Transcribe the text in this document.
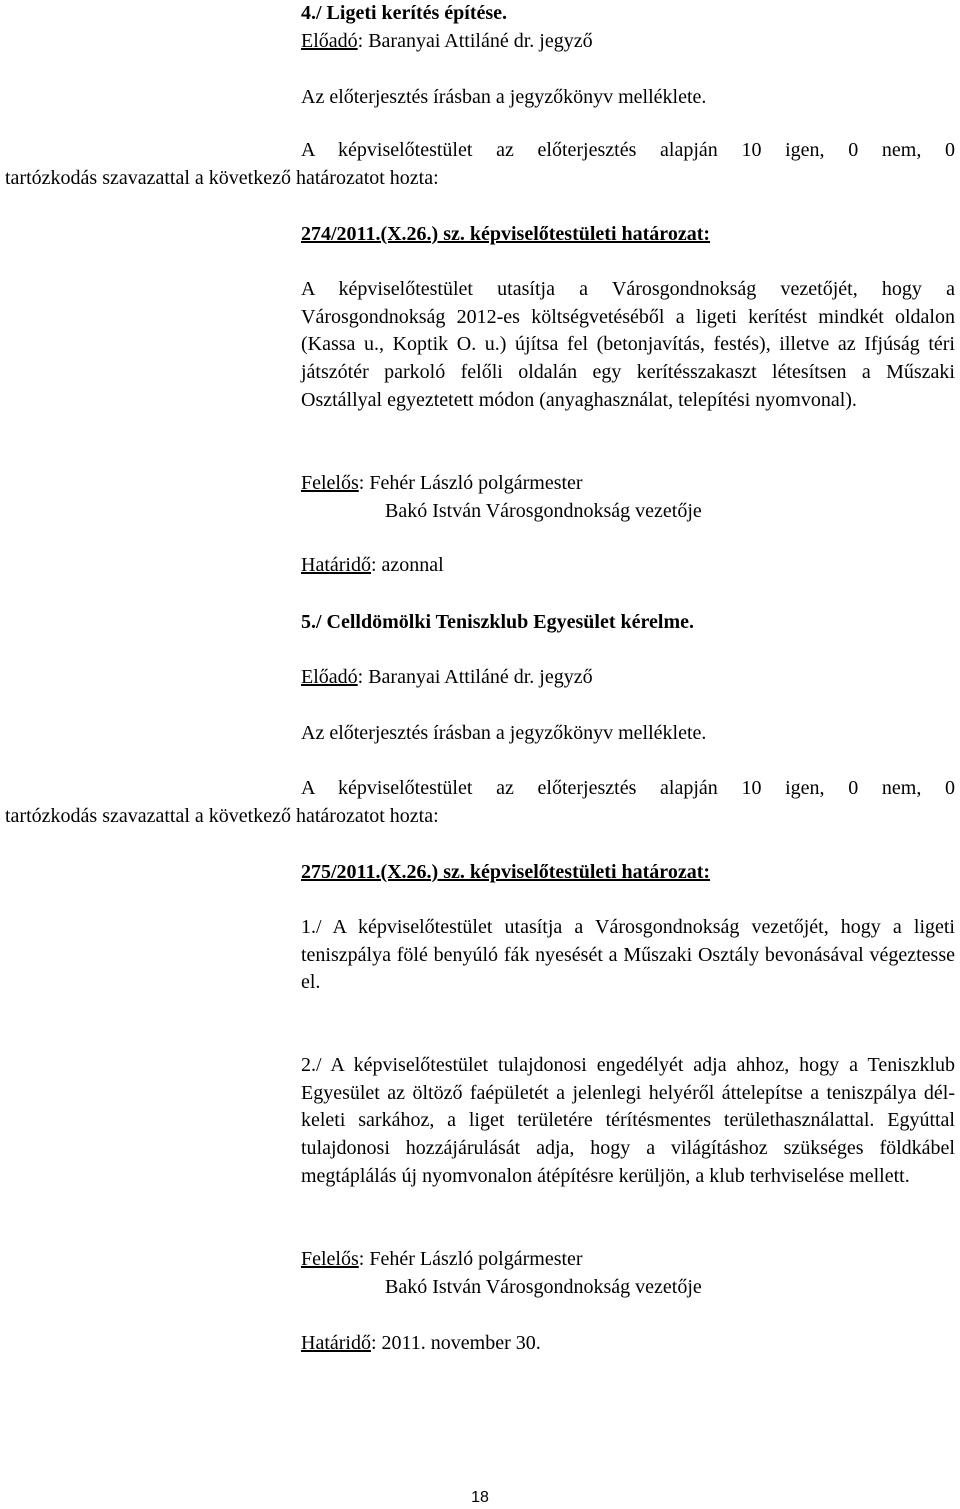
4./ Ligeti kerítés építése.
Előadó: Baranyai Attiláné dr. jegyző
Az előterjesztés írásban a jegyzőkönyv melléklete.
A képviselőtestület az előterjesztés alapján 10 igen, 0 nem, 0
tartózkodás szavazattal a következő határozatot hozta:
274/2011.(X.26.) sz. képviselőtestületi határozat:
A képviselőtestület utasítja a Városgondnokság vezetőjét, hogy a Városgondnokság 2012-es költségvetéséből a ligeti kerítést mindkét oldalon (Kassa u., Koptik O. u.) újítsa fel (betonjavítás, festés), illetve az Ifjúság téri játszótér parkoló felőli oldalán egy kerítésszakaszt létesítsen a Műszaki Osztállyal egyeztetett módon (anyaghasználat, telepítési nyomvonal).
Felelős: Fehér László polgármester
Bakó István Városgondnokság vezetője
Határidő: azonnal
5./ Celldömölki Teniszklub Egyesület kérelme.
Előadó: Baranyai Attiláné dr. jegyző
Az előterjesztés írásban a jegyzőkönyv melléklete.
A képviselőtestület az előterjesztés alapján 10 igen, 0 nem, 0
tartózkodás szavazattal a következő határozatot hozta:
275/2011.(X.26.) sz. képviselőtestületi határozat:
1./ A képviselőtestület utasítja a Városgondnokság vezetőjét, hogy a ligeti teniszpálya fölé benyúló fák nyesését a Műszaki Osztály bevonásával végeztesse el.
2./ A képviselőtestület tulajdonosi engedélyét adja ahhoz, hogy a Teniszklub Egyesület az öltöző faépületét a jelenlegi helyéről áttelepítse a teniszpálya dél-keleti sarkához, a liget területére térítésmentes területhasználattal. Egyúttal tulajdonosi hozzájárulását adja, hogy a világításhoz szükséges földkábel megtáplálás új nyomvonalon átépítésre kerüljön, a klub terhviselése mellett.
Felelős: Fehér László polgármester
Bakó István Városgondnokság vezetője
Határidő: 2011. november 30.
18
